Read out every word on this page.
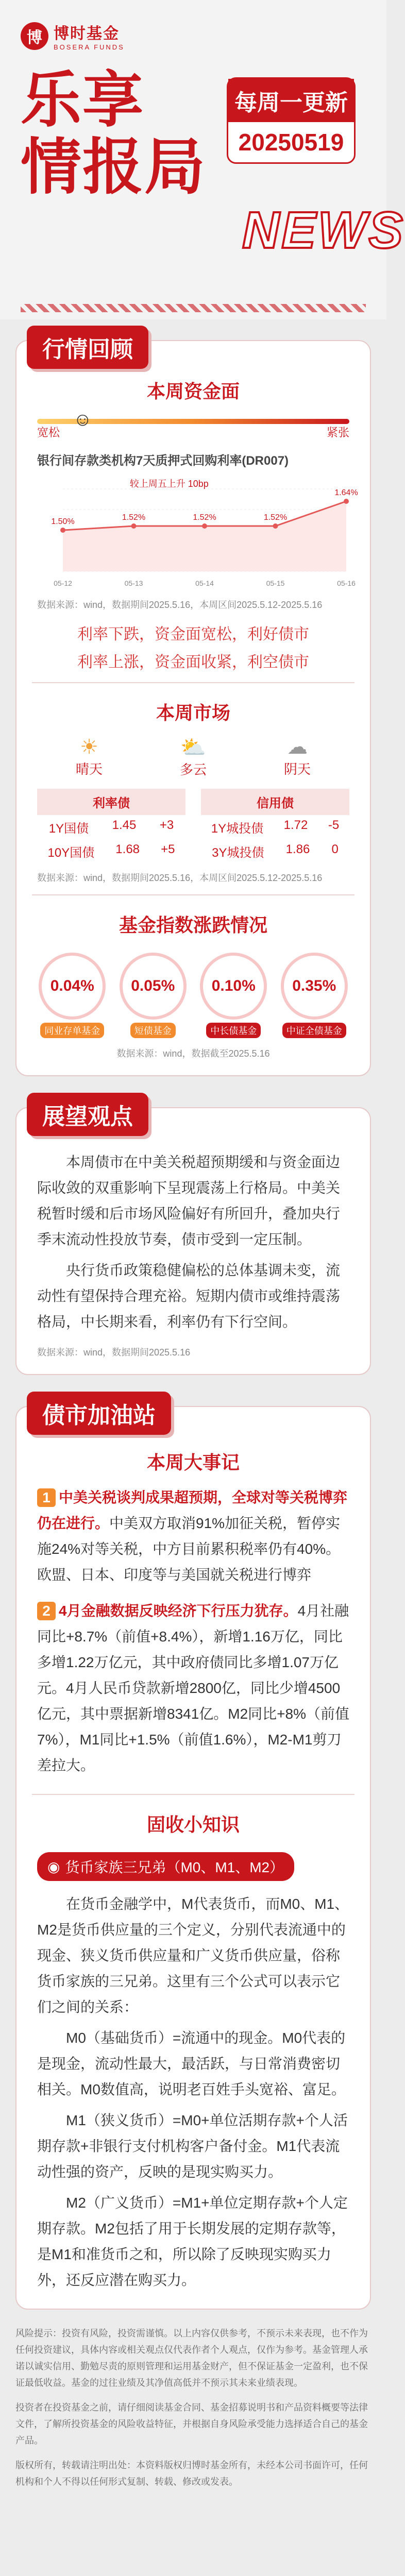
博 博时基金
BOSERA FUNDS
乐享
情报局
每周一更新
20250519
NEWS
行情回顾
本周资金面
☺
宽松	紧张
银行间存款类机构7天质押式回购利率(DR007)
1.50%
05-12
1.52%
05-13
1.52%
05-14
1.52%
05-15
1.64%
05-16
较上周五上升 10bp
数据来源：wind，数据期间2025.5.16，本周区间2025.5.12-2025.5.16
利率下跌，资金面宽松，利好债市
利率上涨，资金面收紧，利空债市
本周市场
☀
晴天
⛅
多云
☁
阴天
利率债
1Y国债 1.45 +3
10Y国债 1.68 +5
信用债
1Y城投债 1.72 -5
3Y城投债 1.86 0
数据来源：wind，数据期间2025.5.16，本周区间2025.5.12-2025.5.16
基金指数涨跌情况
0.04%
同业存单基金
0.05%
短债基金
0.10%
中长债基金
0.35%
中证全债基金
数据来源：wind，数据截至2025.5.16
展望观点

本周债市在中美关税超预期缓和与资金面边际收敛的双重影响下呈现震荡上行格局。中美关税暂时缓和后市场风险偏好有所回升，叠加央行季末流动性投放节奏，债市受到一定压制。

央行货币政策稳健偏松的总体基调未变，流动性有望保持合理充裕。短期内债市或维持震荡格局，中长期来看，利率仍有下行空间。

数据来源：wind，数据期间2025.5.16
债市加油站
本周大事记

1 中美关税谈判成果超预期，全球对等关税博弈仍在进行。中美双方取消91%加征关税，暂停实施24%对等关税，中方目前累积税率仍有40%。欧盟、日本、印度等与美国就关税进行博弈

2 4月金融数据反映经济下行压力犹存。4月社融同比+8.7%（前值+8.4%），新增1.16万亿，同比多增1.22万亿元，其中政府债同比多增1.07万亿元。4月人民币贷款新增2800亿，同比少增4500亿元，其中票据新增8341亿。M2同比+8%（前值7%），M1同比+1.5%（前值1.6%），M2-M1剪刀差拉大。

固收小知识
◉ 货币家族三兄弟（M0、M1、M2）

在货币金融学中，M代表货币，而M0、M1、M2是货币供应量的三个定义，分别代表流通中的现金、狭义货币供应量和广义货币供应量，俗称货币家族的三兄弟。这里有三个公式可以表示它们之间的关系：

M0（基础货币）=流通中的现金。M0代表的是现金，流动性最大，最活跃，与日常消费密切相关。M0数值高，说明老百姓手头宽裕、富足。

M1（狭义货币）=M0+单位活期存款+个人活期存款+非银行支付机构客户备付金。M1代表流动性强的资产，反映的是现实购买力。

M2（广义货币）=M1+单位定期存款+个人定期存款。M2包括了用于长期发展的定期存款等，是M1和准货币之和，所以除了反映现实购买力外，还反应潜在购买力。

风险提示：投资有风险，投资需谨慎。以上内容仅供参考，不预示未来表现，也不作为任何投资建议，具体内容或相关观点仅代表作者个人观点，仅作为参考。基金管理人承诺以诚实信用、勤勉尽责的原则管理和运用基金财产，但不保证基金一定盈利，也不保证最低收益。基金的过往业绩及其净值高低并不预示其未来业绩表现。

投资者在投资基金之前，请仔细阅读基金合同、基金招募说明书和产品资料概要等法律文件，了解所投资基金的风险收益特征，并根据自身风险承受能力选择适合自己的基金产品。

版权所有，转载请注明出处：本资料版权归博时基金所有，未经本公司书面许可，任何机构和个人不得以任何形式复制、转载、修改或发表。
